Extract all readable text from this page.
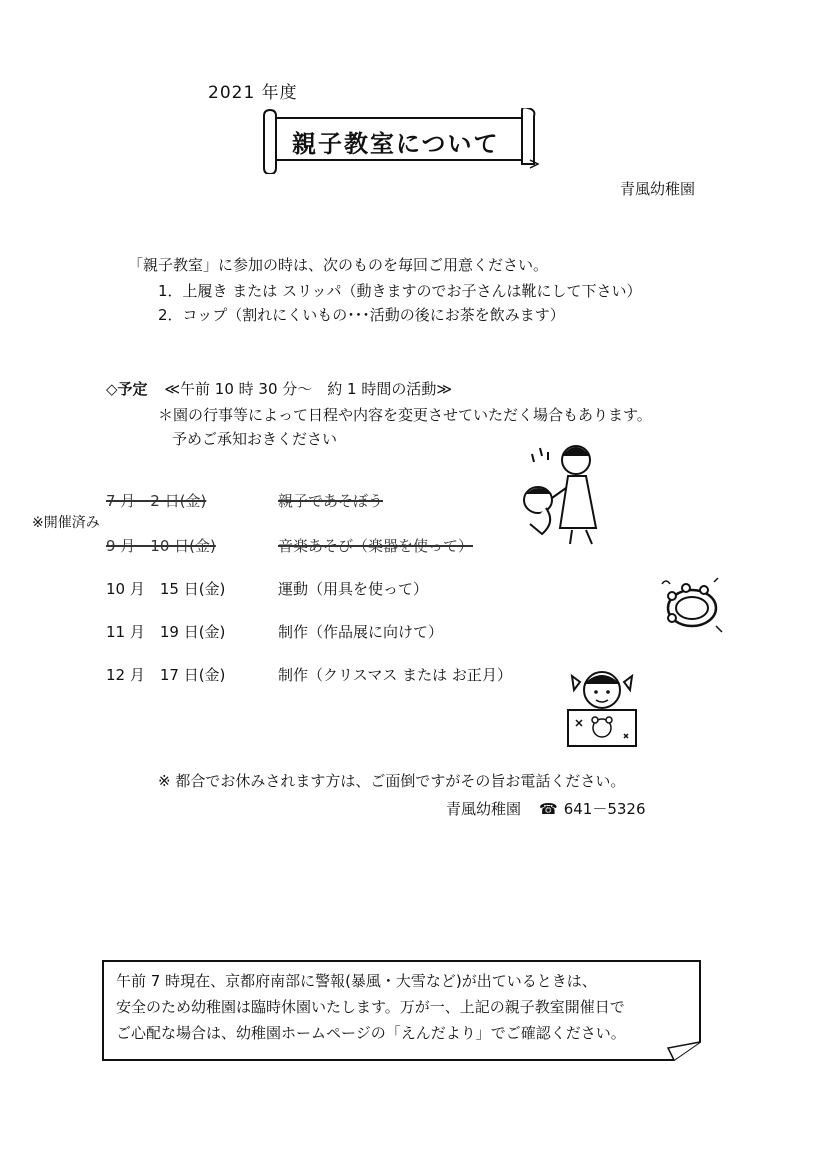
2021 年度
親子教室について
青風幼稚園
「親子教室」に参加の時は、次のものを毎回ご用意ください。
1．上履き または スリッパ（動きますのでお子さんは靴にして下さい）
2．コップ（割れにくいもの･･･活動の後にお茶を飲みます）
◇予定 ≪午前 10 時 30 分～　約 1 時間の活動≫
＊園の行事等によって日程や内容を変更させていただく場合もあります。
予めご承知おきください
7 月　2 日(金)	親子であそぼう
※開催済み
9 月　10 日(金)	音楽あそび（楽器を使って）
10 月　15 日(金)	運動（用具を使って）
11 月　19 日(金)	制作（作品展に向けて）
12 月　17 日(金)	制作（クリスマス または お正月）
※ 都合でお休みされます方は、ご面倒ですがその旨お電話ください。
青風幼稚園 ☎ 641－5326
午前 7 時現在、京都府南部に警報(暴風・大雪など)が出ているときは、
安全のため幼稚園は臨時休園いたします。万が一、上記の親子教室開催日で
ご心配な場合は、幼稚園ホームページの「えんだより」でご確認ください。
